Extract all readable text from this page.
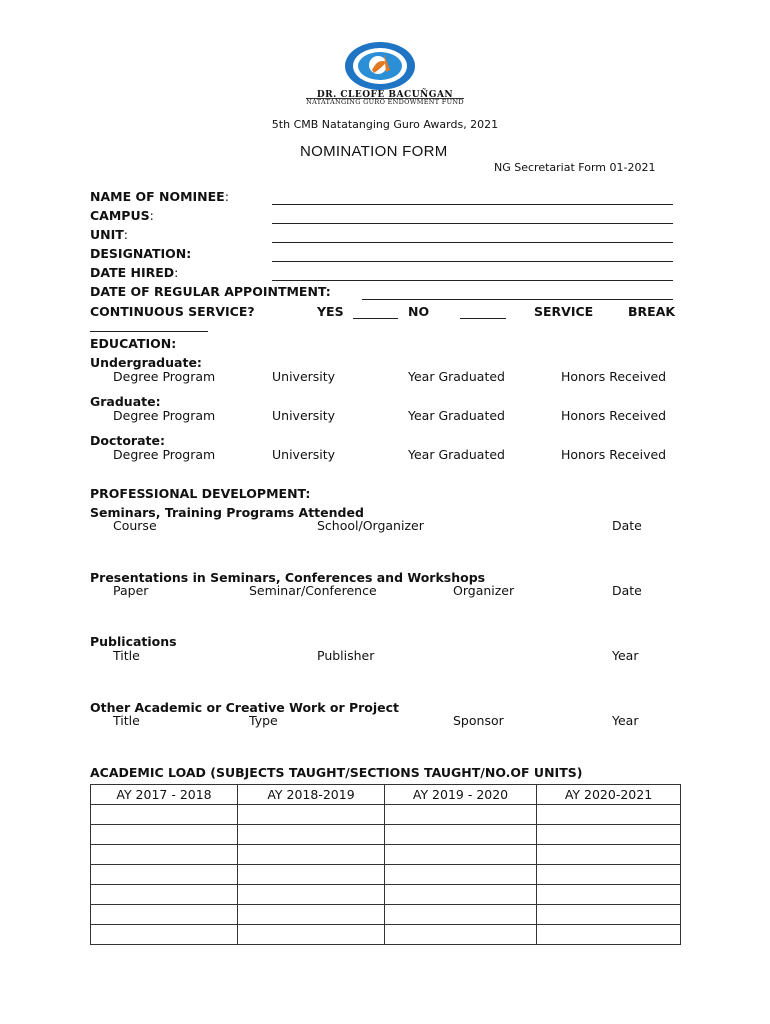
DR. CLEOFE BACUÑGAN
NATATANGING GURO ENDOWMENT FUND
5th CMB Natatanging Guro Awards, 2021
NOMINATION FORM
NG Secretariat Form 01-2021
NAME OF NOMINEE:
CAMPUS:
UNIT:
DESIGNATION:
DATE HIRED:
DATE OF REGULAR APPOINTMENT:
CONTINUOUS SERVICE?	YES	NO	SERVICE	BREAK
EDUCATION:
Undergraduate:
Degree Program	University	Year Graduated	Honors Received
Graduate:
Degree Program	University	Year Graduated	Honors Received
Doctorate:
Degree Program	University	Year Graduated	Honors Received
PROFESSIONAL DEVELOPMENT:
Seminars, Training Programs Attended
Course	School/Organizer	Date
Presentations in Seminars, Conferences and Workshops
Paper	Seminar/Conference	Organizer	Date
Publications
Title	Publisher	Year
Other Academic or Creative Work or Project
Title	Type	Sponsor	Year
ACADEMIC LOAD (SUBJECTS TAUGHT/SECTIONS TAUGHT/NO.OF UNITS)
AY 2017 - 2018	AY 2018-2019	AY 2019 - 2020	AY 2020-2021
